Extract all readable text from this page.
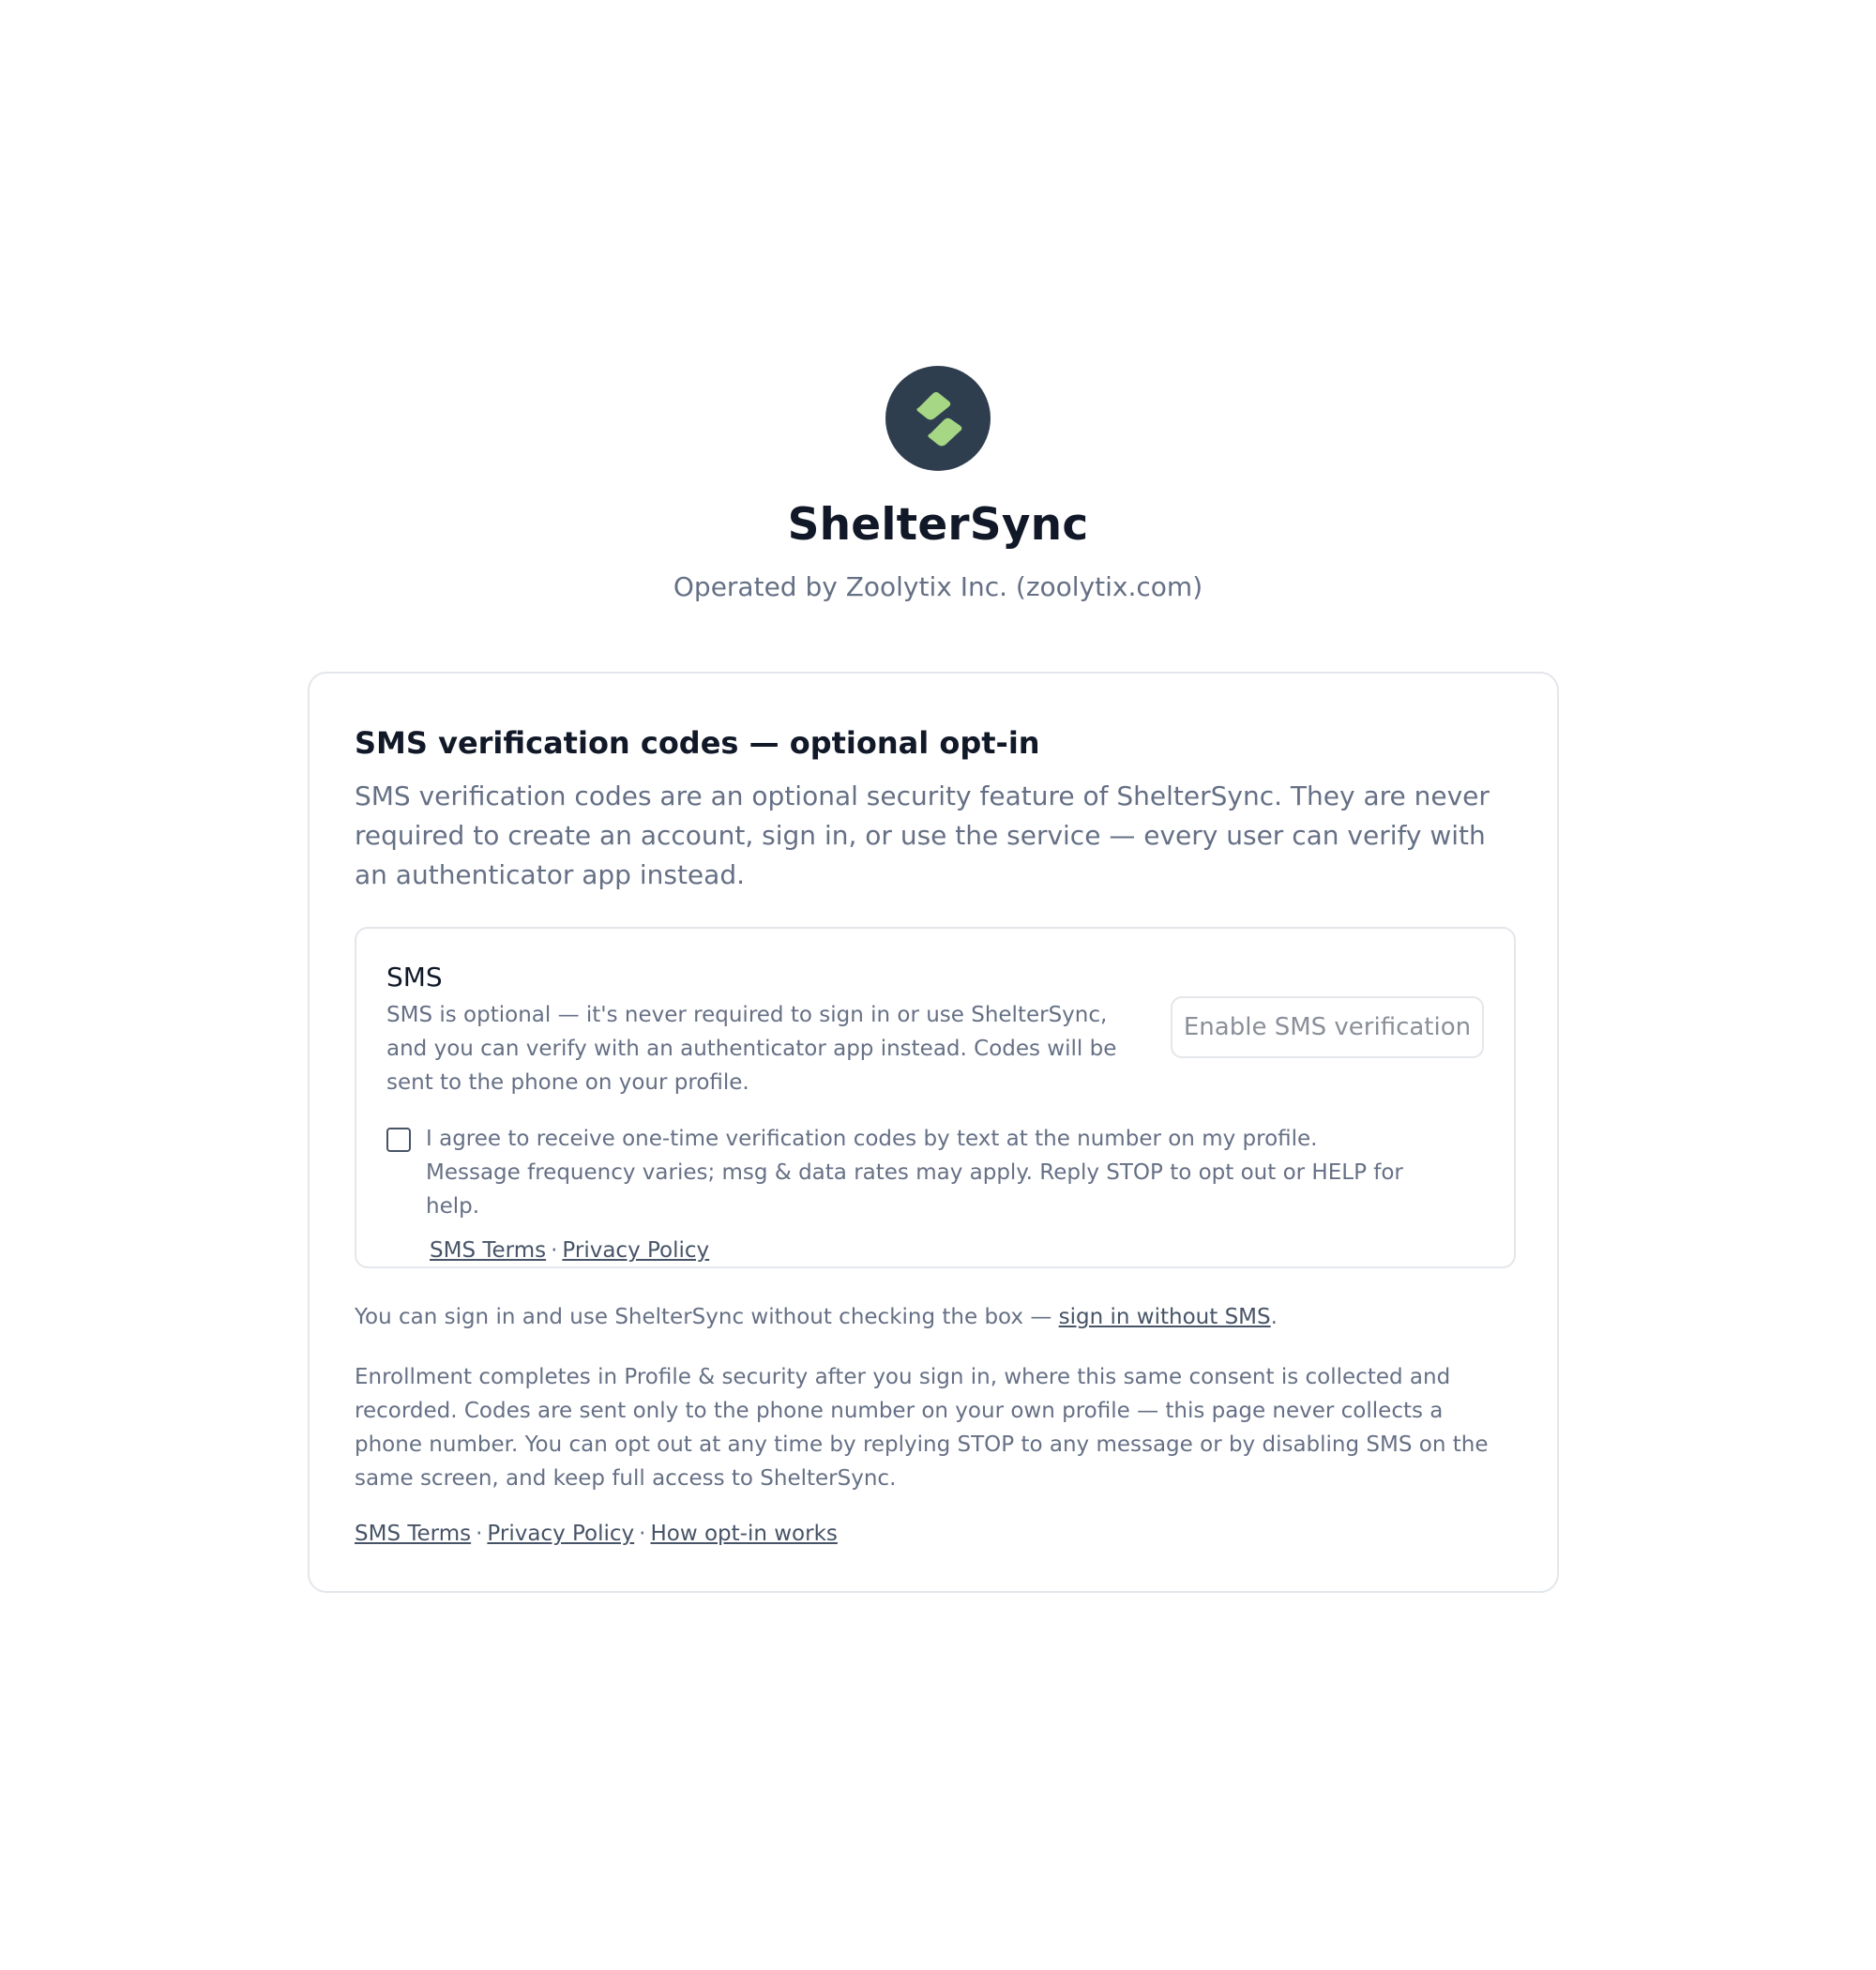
ShelterSync
Operated by Zoolytix Inc. (zoolytix.com)
SMS verification codes — optional opt-in
SMS verification codes are an optional security feature of ShelterSync. They are never required to create an account, sign in, or use the service — every user can verify with an authenticator app instead.
SMS
SMS is optional — it's never required to sign in or use ShelterSync, and you can verify with an authenticator app instead. Codes will be sent to the phone on your profile.
Enable SMS verification
I agree to receive one-time verification codes by text at the number on my profile. Message frequency varies; msg & data rates may apply. Reply STOP to opt out or HELP for help.
SMS Terms · Privacy Policy
You can sign in and use ShelterSync without checking the box — sign in without SMS.
Enrollment completes in Profile & security after you sign in, where this same consent is collected and recorded. Codes are sent only to the phone number on your own profile — this page never collects a phone number. You can opt out at any time by replying STOP to any message or by disabling SMS on the same screen, and keep full access to ShelterSync.
SMS Terms · Privacy Policy · How opt-in works
